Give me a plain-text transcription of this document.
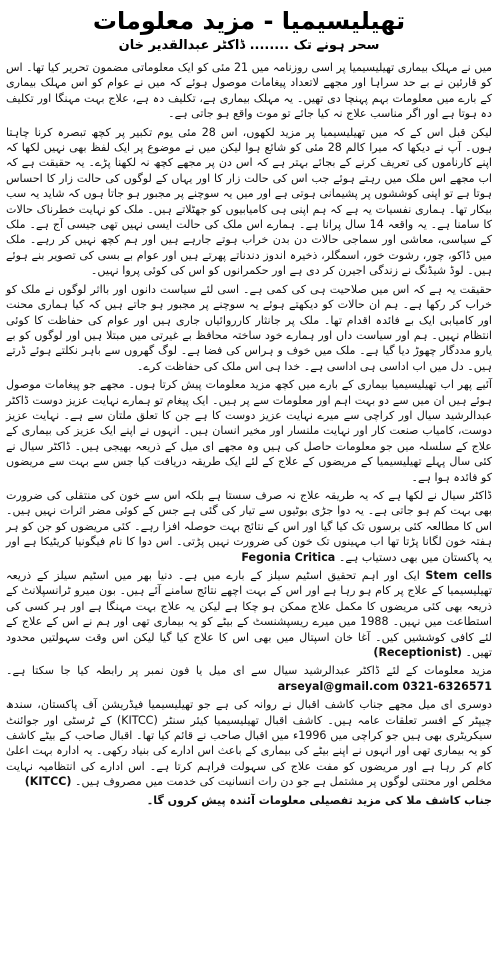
تھیلیسیمیا - مزید معلومات
سحر ہونے تک ........ ڈاکٹر عبدالقدیر خان

میں نے مہلک بیماری تھیلیسیمیا پر اسی روزنامہ میں 21 مئی کو ایک معلوماتی مضمون تحریر کیا تھا۔ اس کو قارئین نے بے حد سراہا اور مجھے لاتعداد پیغامات موصول ہوئے کہ میں نے عوام کو اس مہلک بیماری کے بارے میں معلومات بہم پہنچا دی تھیں۔ یہ مہلک بیماری ہے، تکلیف دہ ہے، علاج بہت مہنگا اور تکلیف دہ ہوتا ہے اور اگر مناسب علاج نہ کیا جائے تو موت واقع ہو جاتی ہے۔

لیکن قبل اس کے کہ میں تھیلیسیمیا پر مزید لکھوں، اس 28 مئی یوم تکبیر پر کچھ تبصرہ کرنا چاہتا ہوں۔ آپ نے دیکھا کہ میرا کالم 28 مئی کو شائع ہوا لیکن میں نے موضوع پر ایک لفظ بھی نہیں لکھا کہ اپنے کارناموں کی تعریف کرنے کے بجائے بہتر ہے کہ اس دن پر مجھے کچھ نہ لکھنا پڑے۔ یہ حقیقت ہے کہ اب مجھے اس ملک میں رہتے ہوئے جب اس کی حالت زار کا اور یہاں کے لوگوں کی حالت زار کا احساس ہوتا ہے تو اپنی کوششوں پر پشیمانی ہوتی ہے اور میں یہ سوچنے پر مجبور ہو جاتا ہوں کہ شاید یہ سب بیکار تھا۔ ہماری نفسیات یہ ہے کہ ہم اپنی ہی کامیابیوں کو جھٹلاتے ہیں۔ ملک کو نہایت خطرناک حالات کا سامنا ہے۔ یہ واقعہ 14 سال پرانا ہے۔ ہمارے اس ملک کی حالت ایسی نہیں تھی جیسی آج ہے۔ ملک کے سیاسی، معاشی اور سماجی حالات دن بدن خراب ہوتے جارہے ہیں اور ہم کچھ نہیں کر رہے۔ ملک میں ڈاکو، چور، رشوت خور، اسمگلر، ذخیرہ اندوز دندناتے پھرتے ہیں اور عوام بے بسی کی تصویر بنے ہوئے ہیں۔ لوڈ شیڈنگ نے زندگی اجیرن کر دی ہے اور حکمرانوں کو اس کی کوئی پروا نہیں۔

حقیقت یہ ہے کہ اس میں صلاحیت ہی کی کمی ہے۔ اسی لئے سیاست دانوں اور بااثر لوگوں نے ملک کو خراب کر رکھا ہے۔ ہم ان حالات کو دیکھتے ہوئے یہ سوچنے پر مجبور ہو جاتے ہیں کہ کیا ہماری محنت اور کامیابی ایک بے فائدہ اقدام تھا۔ ملک پر جانثار کارروائیاں جاری ہیں اور عوام کی حفاظت کا کوئی انتظام نہیں۔ ہم اور سیاست داں اور ہمارے خود ساختہ محافظ بے غیرتی میں مبتلا ہیں اور لوگوں کو بے یارو مددگار چھوڑ دیا گیا ہے۔ ملک میں خوف و ہراس کی فضا ہے۔ لوگ گھروں سے باہر نکلتے ہوئے ڈرتے ہیں۔ دل میں اب اداسی ہی اداسی ہے۔ خدا ہی اس ملک کی حفاظت کرے۔

آئیے پھر اب تھیلیسیمیا بیماری کے بارے میں کچھ مزید معلومات پیش کرتا ہوں۔ مجھے جو پیغامات موصول ہوئے ہیں ان میں سے دو بہت اہم اور معلومات سے پر ہیں۔ ایک پیغام تو ہمارے نہایت عزیز دوست ڈاکٹر عبدالرشید سیال اور کراچی سے میرے نہایت عزیز دوست کا ہے جن کا تعلق ملتان سے ہے۔ نہایت عزیز دوست، کامیاب صنعت کار اور نہایت ملنسار اور مخیر انسان ہیں۔ انہوں نے اپنے ایک عزیز کی بیماری کے علاج کے سلسلہ میں جو معلومات حاصل کی ہیں وہ مجھے ای میل کے ذریعہ بھیجی ہیں۔ ڈاکٹر سیال نے کئی سال پہلے تھیلیسیمیا کے مریضوں کے علاج کے لئے ایک طریقہ دریافت کیا جس سے بہت سے مریضوں کو فائدہ ہوا ہے۔

ڈاکٹر سیال نے لکھا ہے کہ یہ طریقہ علاج نہ صرف سستا ہے بلکہ اس سے خون کی منتقلی کی ضرورت بھی بہت کم ہو جاتی ہے۔ یہ دوا جڑی بوٹیوں سے تیار کی گئی ہے جس کے کوئی مضر اثرات نہیں ہیں۔ اس کا مطالعہ کئی برسوں تک کیا گیا اور اس کے نتائج بہت حوصلہ افزا رہے۔ کئی مریضوں کو جن کو ہر ہفتہ خون لگانا پڑتا تھا اب مہینوں تک خون کی ضرورت نہیں پڑتی۔ اس دوا کا نام فیگونیا کریٹیکا ہے اور یہ پاکستان میں بھی دستیاب ہے۔ Fegonia Critica

Stem cells ایک اور اہم تحقیق اسٹیم سیلز کے بارے میں ہے۔ دنیا بھر میں اسٹیم سیلز کے ذریعہ تھیلیسیمیا کے علاج پر کام ہو رہا ہے اور اس کے بہت اچھے نتائج سامنے آئے ہیں۔ بون میرو ٹرانسپلانٹ کے ذریعہ بھی کئی مریضوں کا مکمل علاج ممکن ہو چکا ہے لیکن یہ علاج بہت مہنگا ہے اور ہر کسی کی استطاعت میں نہیں۔ 1988 میں میرے ریسپشنسٹ کے بیٹے کو یہ بیماری تھی اور ہم نے اس کے علاج کے لئے کافی کوششیں کیں۔ آغا خان اسپتال میں بھی اس کا علاج کیا گیا لیکن اس وقت سہولتیں محدود تھیں۔ (Receptionist)

مزید معلومات کے لئے ڈاکٹر عبدالرشید سیال سے ای میل یا فون نمبر پر رابطہ کیا جا سکتا ہے۔ arseyal@gmail.com 0321-6326571

دوسری ای میل مجھے جناب کاشف اقبال نے روانہ کی ہے جو تھیلیسیمیا فیڈریشن آف پاکستان، سندھ چیپٹر کے افسر تعلقات عامہ ہیں۔ کاشف اقبال تھیلیسیمیا کیئر سنٹر (KITCC) کے ٹرسٹی اور جوائنٹ سیکریٹری بھی ہیں جو کراچی میں 1996ء میں اقبال صاحب نے قائم کیا تھا۔ اقبال صاحب کے بیٹے کاشف کو یہ بیماری تھی اور انہوں نے اپنے بیٹے کی بیماری کے باعث اس ادارے کی بنیاد رکھی۔ یہ ادارہ بہت اعلیٰ کام کر رہا ہے اور مریضوں کو مفت علاج کی سہولت فراہم کرتا ہے۔ اس ادارے کی انتظامیہ نہایت مخلص اور محنتی لوگوں پر مشتمل ہے جو دن رات انسانیت کی خدمت میں مصروف ہیں۔ (KITCC)

جناب کاشف ملا کی مزید تفصیلی معلومات آئندہ پیش کروں گا۔
